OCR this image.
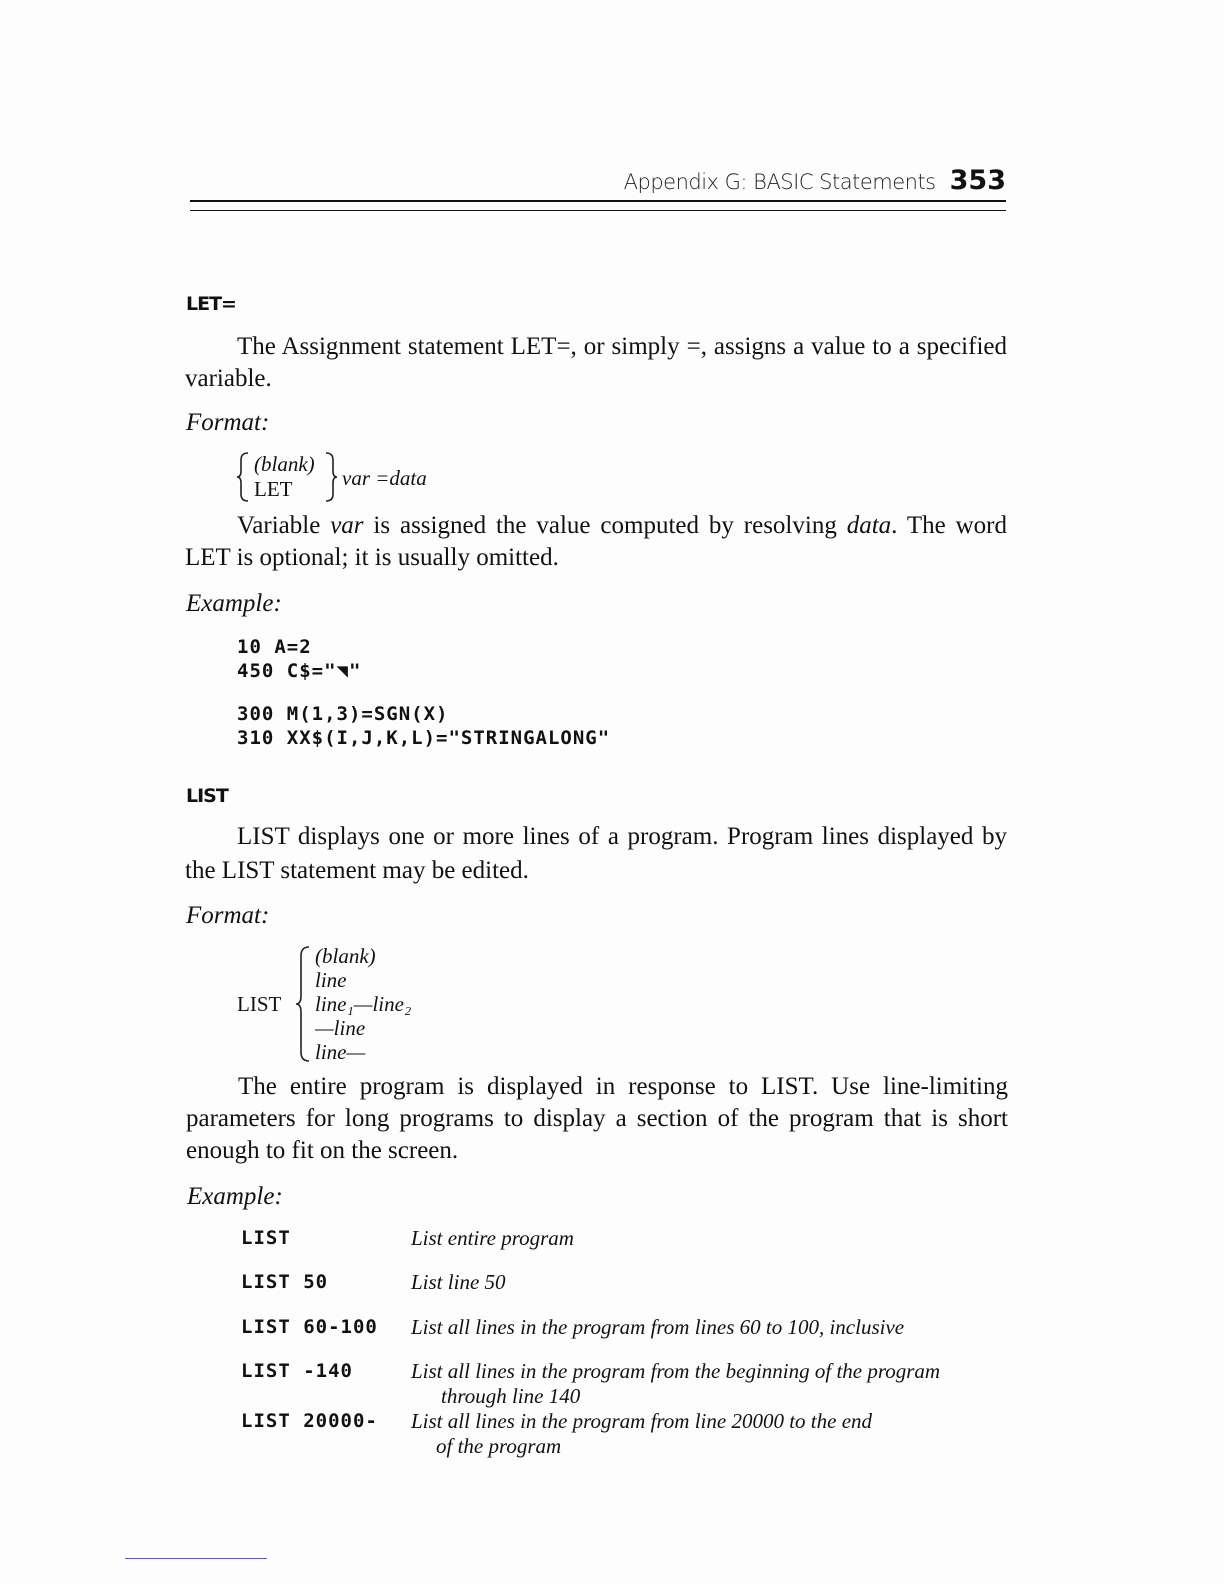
Appendix G: BASIC Statements 353
LET=
The Assignment statement LET=, or simply =, assigns a value to a specified variable.
Format:
(blank)
LET var =data
Variable var is assigned the value computed by resolving data. The word LET is optional; it is usually omitted.
Example:
10 A=2
450 C$="◥"
300 M(1,3)=SGN(X)
310 XX$(I,J,K,L)="STRINGALONG"
LIST
LIST displays one or more lines of a program. Program lines displayed by the LIST statement may be edited.
Format:
LIST
(blank)
line
line₁—line₂
—line
line—
The entire program is displayed in response to LIST. Use line-limiting parameters for long programs to display a section of the program that is short enough to fit on the screen.
Example:
LIST	List entire program
LIST 50	List line 50
LIST 60-100 List all lines in the program from lines 60 to 100, inclusive
LIST -140	List all lines in the program from the beginning of the program
through line 140
LIST 20000- List all lines in the program from line 20000 to the end
of the program
